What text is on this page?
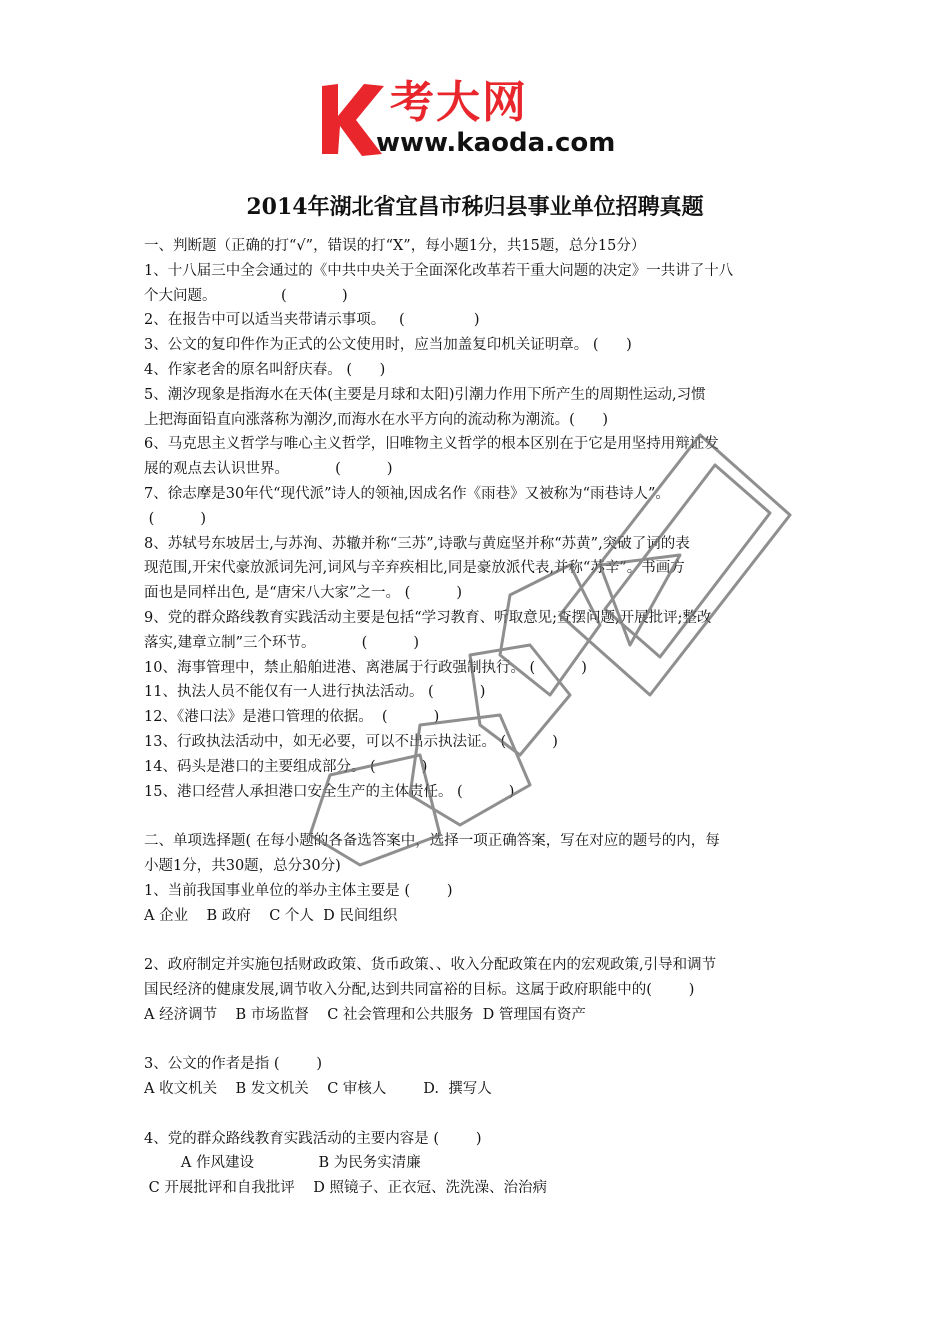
考大网
www.kaoda.com
2014年湖北省宜昌市秭归县事业单位招聘真题

一、判断题（正确的打“√”，错误的打“X”，每小题1分，共15题，总分15分）

1、十八届三中全会通过的《中共中央关于全面深化改革若干重大问题的决定》一共讲了十八

个大问题。              (            )

2、在报告中可以适当夹带请示事项。   (               )

3、公文的复印件作为正式的公文使用时，应当加盖复印机关证明章。 (      )

4、作家老舍的原名叫舒庆春。 (      )

5、潮汐现象是指海水在天体(主要是月球和太阳)引潮力作用下所产生的周期性运动,习惯

上把海面铅直向涨落称为潮汐,而海水在水平方向的流动称为潮流。(      )

6、马克思主义哲学与唯心主义哲学，旧唯物主义哲学的根本区别在于它是用坚持用辩证发

展的观点去认识世界。          (          )

7、徐志摩是30年代“现代派”诗人的领袖,因成名作《雨巷》又被称为“雨巷诗人”。

(          )

8、苏轼号东坡居士,与苏洵、苏辙并称“三苏”,诗歌与黄庭坚并称“苏黄”,突破了词的表

现范围,开宋代豪放派词先河,词风与辛弃疾相比,同是豪放派代表,并称“苏辛”。书画方

面也是同样出色, 是“唐宋八大家”之一。 (          )

9、党的群众路线教育实践活动主要是包括“学习教育、听取意见;查摆问题,开展批评;整改

落实,建章立制”三个环节。          (          )

10、海事管理中，禁止船舶进港、离港属于行政强制执行。 (          )

11、执法人员不能仅有一人进行执法活动。 (          )

12、《港口法》是港口管理的依据。  (          )

13、行政执法活动中，如无必要，可以不出示执法证。 (          )

14、码头是港口的主要组成部分。 (          )

15、港口经营人承担港口安全生产的主体责任。 (          )

二、单项选择题( 在每小题的各备选答案中，选择一项正确答案，写在对应的题号的内，每

小题1分，共30题，总分30分)

1、当前我国事业单位的举办主体主要是 (        )

A 企业    B 政府    C 个人  D 民间组织

2、政府制定并实施包括财政政策、货币政策、、收入分配政策在内的宏观政策,引导和调节

国民经济的健康发展,调节收入分配,达到共同富裕的目标。这属于政府职能中的(        )

A 经济调节    B 市场监督    C 社会管理和公共服务  D 管理国有资产

3、公文的作者是指 (        )

A 收文机关    B 发文机关    C 审核人        D.  撰写人

4、党的群众路线教育实践活动的主要内容是 (        )

A 作风建设              B 为民务实清廉

C 开展批评和自我批评    D 照镜子、正衣冠、洗洗澡、治治病
